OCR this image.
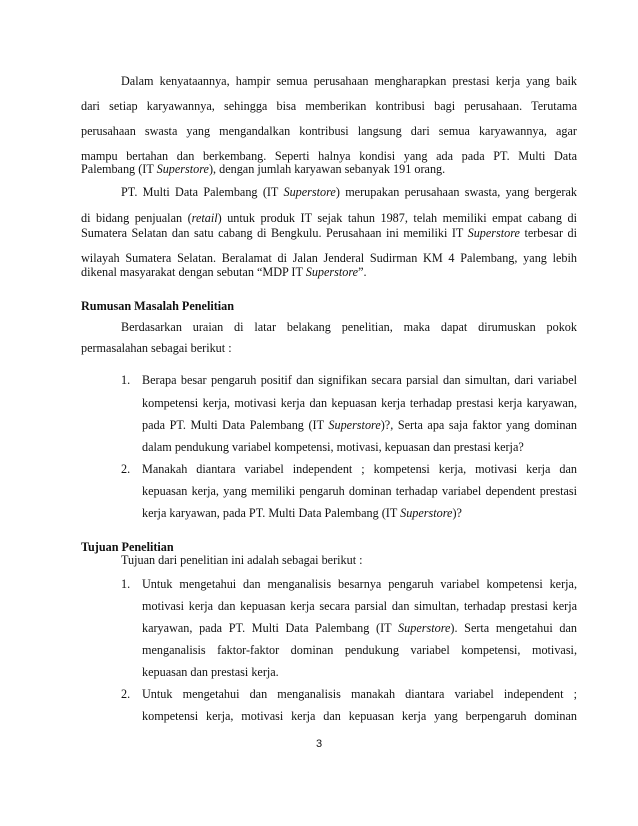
Dalam kenyataannya, hampir semua perusahaan mengharapkan prestasi kerja yang baik
dari setiap karyawannya, sehingga bisa memberikan kontribusi bagi perusahaan. Terutama
perusahaan swasta yang mengandalkan kontribusi langsung dari semua karyawannya, agar
mampu bertahan dan berkembang. Seperti halnya kondisi yang ada pada PT. Multi Data
Palembang (IT Superstore), dengan jumlah karyawan sebanyak 191 orang.
PT. Multi Data Palembang (IT Superstore) merupakan perusahaan swasta, yang bergerak
di bidang penjualan (retail) untuk produk IT sejak tahun 1987, telah memiliki empat cabang di
Sumatera Selatan dan satu cabang di Bengkulu. Perusahaan ini memiliki IT Superstore terbesar di
wilayah Sumatera Selatan. Beralamat di Jalan Jenderal Sudirman KM 4 Palembang, yang lebih
dikenal masyarakat dengan sebutan “MDP IT Superstore”.
Rumusan Masalah Penelitian
Berdasarkan uraian di latar belakang penelitian, maka dapat dirumuskan pokok
permasalahan sebagai berikut :
1. Berapa besar pengaruh positif dan signifikan secara parsial dan simultan, dari variabel
kompetensi kerja, motivasi kerja dan kepuasan kerja terhadap prestasi kerja karyawan,
pada PT. Multi Data Palembang (IT Superstore)?, Serta apa saja faktor yang dominan
dalam pendukung variabel kompetensi, motivasi, kepuasan dan prestasi kerja?
2. Manakah diantara variabel independent ; kompetensi kerja, motivasi kerja dan
kepuasan kerja, yang memiliki pengaruh dominan terhadap variabel dependent prestasi
kerja karyawan, pada PT. Multi Data Palembang (IT Superstore)?
Tujuan Penelitian
Tujuan dari penelitian ini adalah sebagai berikut :
1. Untuk mengetahui dan menganalisis besarnya pengaruh variabel kompetensi kerja,
motivasi kerja dan kepuasan kerja secara parsial dan simultan, terhadap prestasi kerja
karyawan, pada PT. Multi Data Palembang (IT Superstore). Serta mengetahui dan
menganalisis faktor-faktor dominan pendukung variabel kompetensi, motivasi,
kepuasan dan prestasi kerja.
2. Untuk mengetahui dan menganalisis manakah diantara variabel independent ;
kompetensi kerja, motivasi kerja dan kepuasan kerja yang berpengaruh dominan
3
